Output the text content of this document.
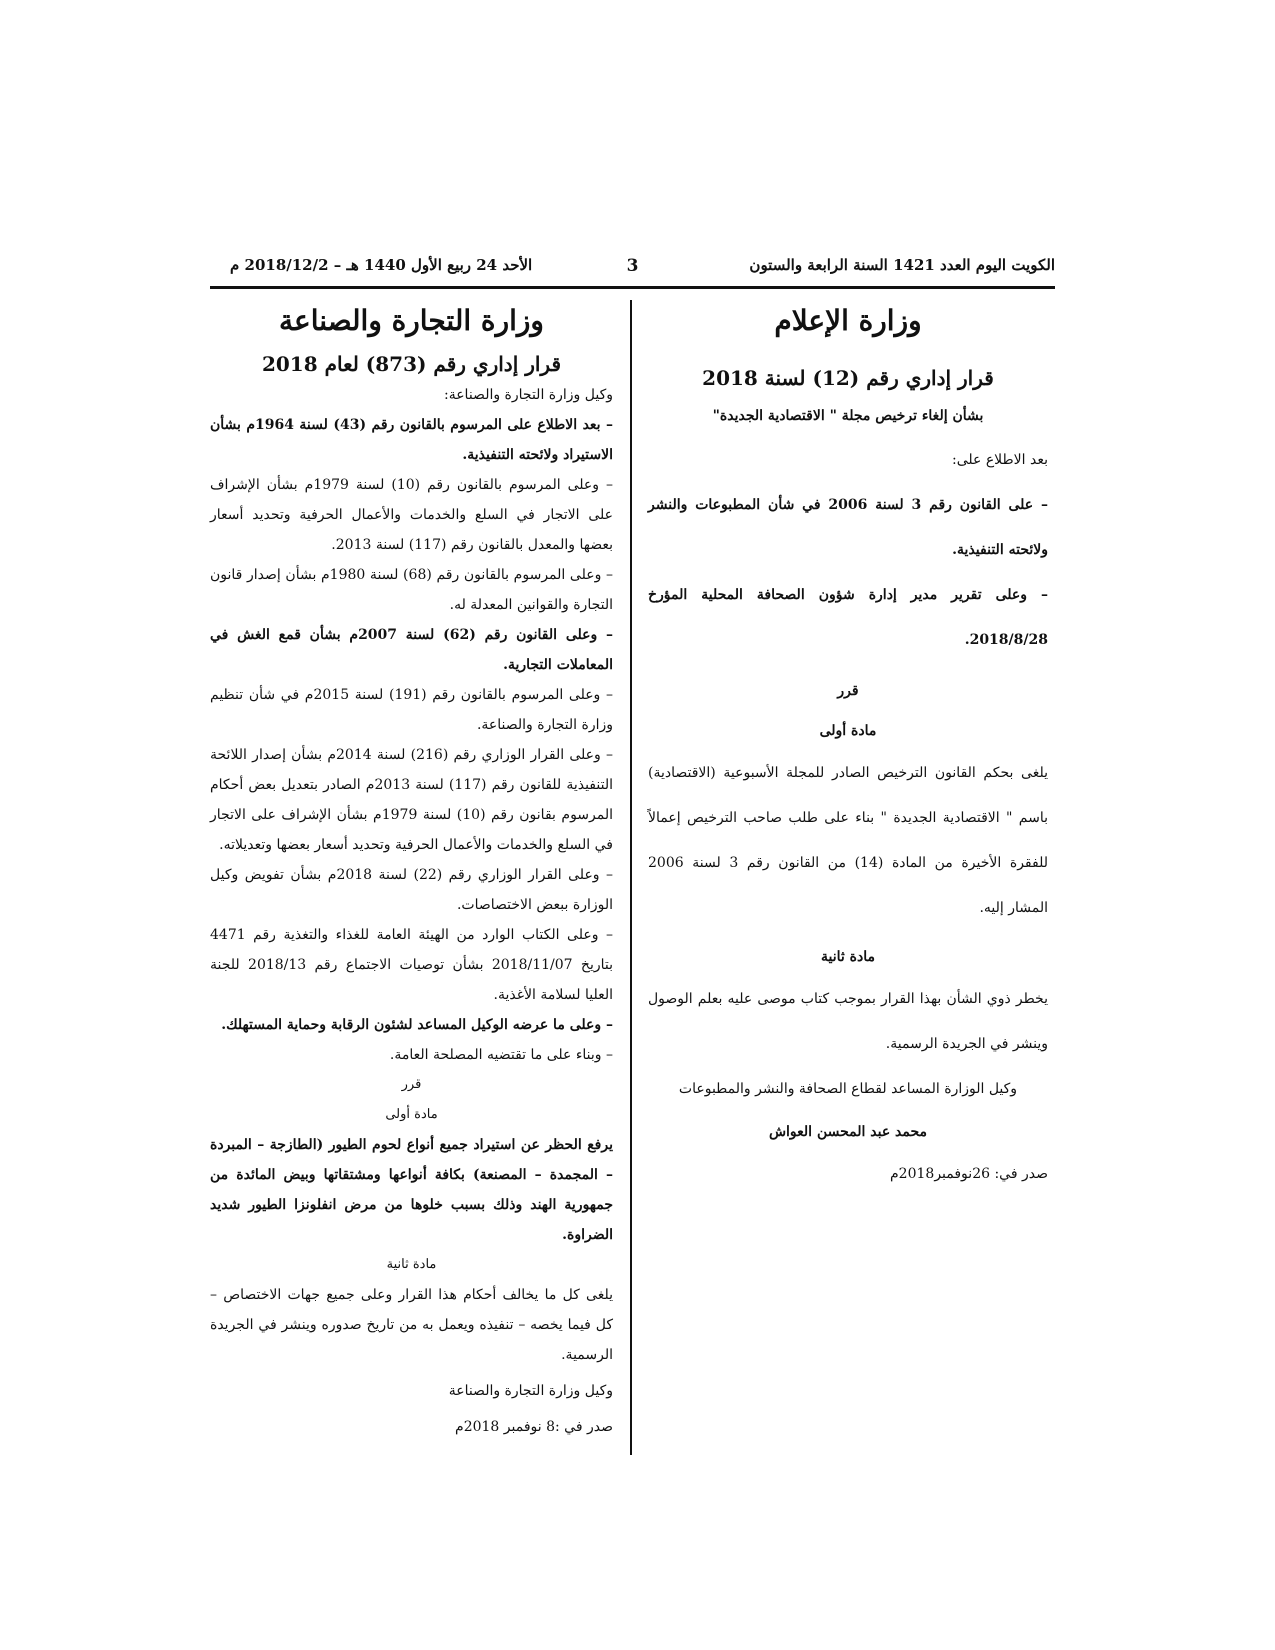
الكويت اليوم العدد 1421 السنة الرابعة والستون
3
الأحد 24 ربيع الأول 1440 هـ – 2018/12/2 م
وزارة الإعلام
قرار إداري رقم (12) لسنة 2018

بشأن إلغاء ترخيص مجلة " الاقتصادية الجديدة"

بعد الاطلاع على:

– على القانون رقم 3 لسنة 2006 في شأن المطبوعات والنشر ولائحته التنفيذية.

– وعلى تقرير مدير إدارة شؤون الصحافة المحلية المؤرخ 2018/8/28.

قرر

مادة أولى

يلغى بحكم القانون الترخيص الصادر للمجلة الأسبوعية (الاقتصادية) باسم " الاقتصادية الجديدة " بناء على طلب صاحب الترخيص إعمالاً للفقرة الأخيرة من المادة (14) من القانون رقم 3 لسنة 2006 المشار إليه.

مادة ثانية

يخطر ذوي الشأن بهذا القرار بموجب كتاب موصى عليه بعلم الوصول وينشر في الجريدة الرسمية.

وكيل الوزارة المساعد لقطاع الصحافة والنشر والمطبوعات

محمد عبد المحسن العواش

صدر في: 26نوفمبر2018م

وزارة التجارة والصناعة
قرار إداري رقم (873) لعام 2018

وكيل وزارة التجارة والصناعة:

– بعد الاطلاع على المرسوم بالقانون رقم (43) لسنة 1964م بشأن الاستيراد ولائحته التنفيذية.

– وعلى المرسوم بالقانون رقم (10) لسنة 1979م بشأن الإشراف على الاتجار في السلع والخدمات والأعمال الحرفية وتحديد أسعار بعضها والمعدل بالقانون رقم (117) لسنة 2013.

– وعلى المرسوم بالقانون رقم (68) لسنة 1980م بشأن إصدار قانون التجارة والقوانين المعدلة له.

– وعلى القانون رقم (62) لسنة 2007م بشأن قمع الغش في المعاملات التجارية.

– وعلى المرسوم بالقانون رقم (191) لسنة 2015م في شأن تنظيم وزارة التجارة والصناعة.

– وعلى القرار الوزاري رقم (216) لسنة 2014م بشأن إصدار اللائحة التنفيذية للقانون رقم (117) لسنة 2013م الصادر بتعديل بعض أحكام المرسوم بقانون رقم (10) لسنة 1979م بشأن الإشراف على الاتجار في السلع والخدمات والأعمال الحرفية وتحديد أسعار بعضها وتعديلاته.

– وعلى القرار الوزاري رقم (22) لسنة 2018م بشأن تفويض وكيل الوزارة ببعض الاختصاصات.

– وعلى الكتاب الوارد من الهيئة العامة للغذاء والتغذية رقم 4471 بتاريخ 2018/11/07 بشأن توصيات الاجتماع رقم 2018/13 للجنة العليا لسلامة الأغذية.

– وعلى ما عرضه الوكيل المساعد لشئون الرقابة وحماية المستهلك.

– وبناء على ما تقتضيه المصلحة العامة.

قرر

مادة أولى

يرفع الحظر عن استيراد جميع أنواع لحوم الطيور (الطازجة – المبردة – المجمدة – المصنعة) بكافة أنواعها ومشتقاتها وبيض المائدة من جمهورية الهند وذلك بسبب خلوها من مرض انفلونزا الطيور شديد الضراوة.

مادة ثانية

يلغى كل ما يخالف أحكام هذا القرار وعلى جميع جهات الاختصاص – كل فيما يخصه – تنفيذه ويعمل به من تاريخ صدوره وينشر في الجريدة الرسمية.

وكيل وزارة التجارة والصناعة

صدر في :8 نوفمبر 2018م
